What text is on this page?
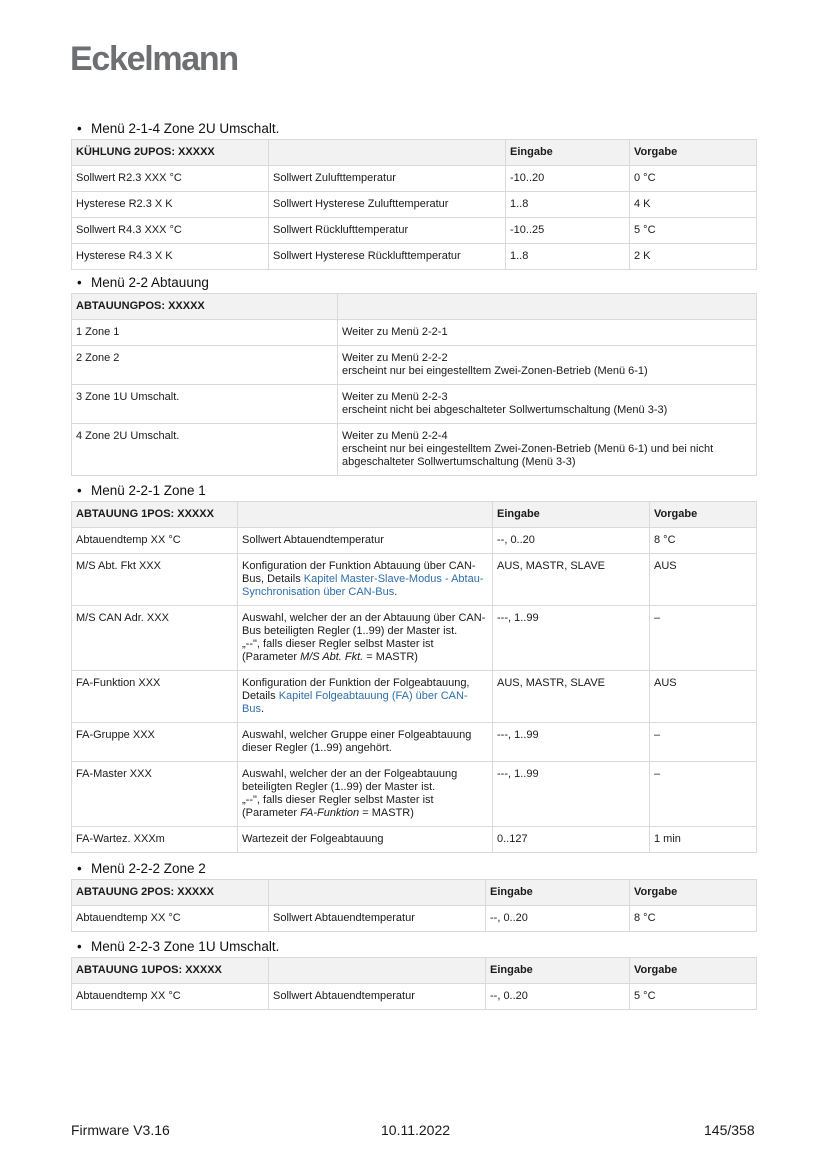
Eckelmann
• Menü 2-1-4 Zone 2U Umschalt.
KÜHLUNG 2UPOS: XXXXX		Eingabe	Vorgabe
Sollwert R2.3 XXX °C	Sollwert Zulufttemperatur	-10..20	0 °C
Hysterese R2.3 X K	Sollwert Hysterese Zulufttemperatur	1..8	4 K
Sollwert R4.3 XXX °C	Sollwert Rücklufttemperatur	-10..25	5 °C
Hysterese R4.3 X K	Sollwert Hysterese Rücklufttemperatur	1..8	2 K
• Menü 2-2 Abtauung
ABTAUUNGPOS: XXXXX	
1 Zone 1	Weiter zu Menü 2-2-1
2 Zone 2	Weiter zu Menü 2-2-2
erscheint nur bei eingestelltem Zwei-Zonen-Betrieb (Menü 6-1)
3 Zone 1U Umschalt.	Weiter zu Menü 2-2-3
erscheint nicht bei abgeschalteter Sollwertumschaltung (Menü 3-3)
4 Zone 2U Umschalt.	Weiter zu Menü 2-2-4
erscheint nur bei eingestelltem Zwei-Zonen-Betrieb (Menü 6-1) und bei nicht
abgeschalteter Sollwertumschaltung (Menü 3-3)
• Menü 2-2-1 Zone 1
ABTAUUNG 1POS: XXXXX		Eingabe	Vorgabe
Abtauendtemp XX °C	Sollwert Abtauendtemperatur	--, 0..20	8 °C
M/S Abt. Fkt XXX	Konfiguration der Funktion Abtauung über CAN-
Bus, Details Kapitel Master-Slave-Modus - Abtau-
Synchronisation über CAN-Bus.	AUS, MASTR, SLAVE	AUS
M/S CAN Adr. XXX	Auswahl, welcher der an der Abtauung über CAN-
Bus beteiligten Regler (1..99) der Master ist.
„--", falls dieser Regler selbst Master ist
(Parameter M/S Abt. Fkt. = MASTR)	---, 1..99	–
FA-Funktion XXX	Konfiguration der Funktion der Folgeabtauung,
Details Kapitel Folgeabtauung (FA) über CAN-
Bus.	AUS, MASTR, SLAVE	AUS
FA-Gruppe XXX	Auswahl, welcher Gruppe einer Folgeabtauung
dieser Regler (1..99) angehört.	---, 1..99	–
FA-Master XXX	Auswahl, welcher der an der Folgeabtauung
beteiligten Regler (1..99) der Master ist.
„--", falls dieser Regler selbst Master ist
(Parameter FA-Funktion = MASTR)	---, 1..99	–
FA-Wartez. XXXm	Wartezeit der Folgeabtauung	0..127	1 min
• Menü 2-2-2 Zone 2
ABTAUUNG 2POS: XXXXX		Eingabe	Vorgabe
Abtauendtemp XX °C	Sollwert Abtauendtemperatur	--, 0..20	8 °C
• Menü 2-2-3 Zone 1U Umschalt.
ABTAUUNG 1UPOS: XXXXX		Eingabe	Vorgabe
Abtauendtemp XX °C	Sollwert Abtauendtemperatur	--, 0..20	5 °C
Firmware V3.16	10.11.2022	145/358
